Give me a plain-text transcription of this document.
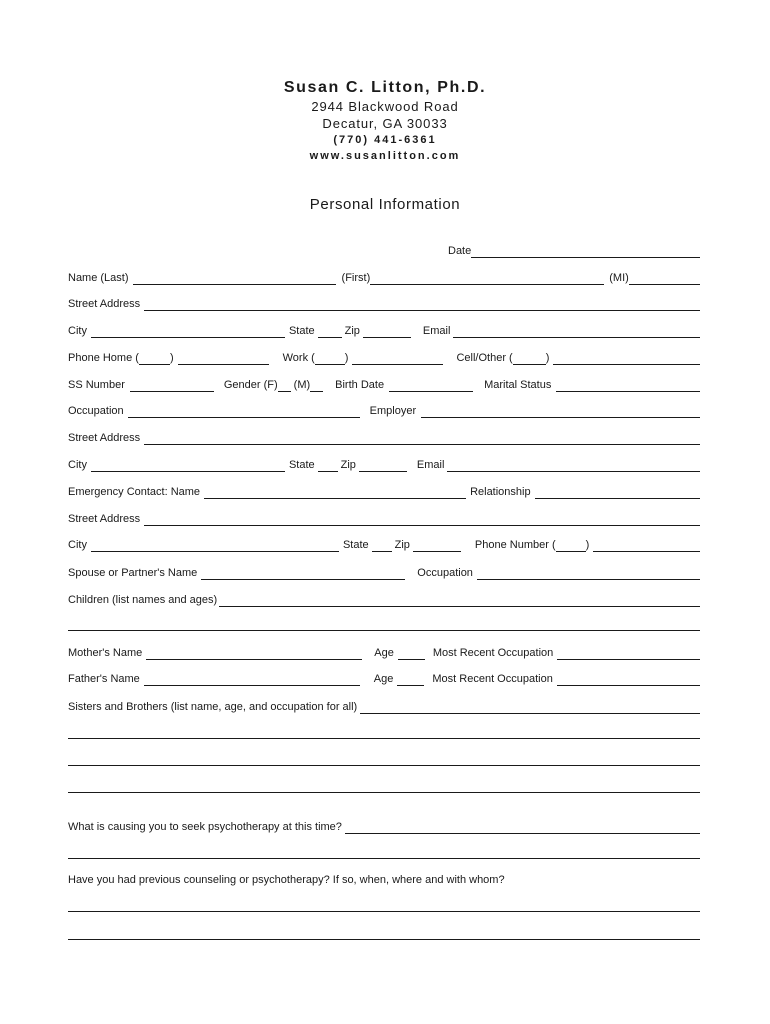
Susan C. Litton, Ph.D.
2944 Blackwood Road
Decatur, GA 30033
(770) 441-6361
www.susanlitton.com
Personal Information
Date
Name (Last)	(First)	(MI)
Street Address
City	State	Zip	Email
Phone Home (	)	Work (	)	Cell/Other (	)
SS Number	Gender (F) (M) Birth Date	Marital Status
Occupation	Employer
Street Address
City	State Zip	Email
Emergency Contact: Name	Relationship
Street Address
City	State Zip	Phone Number (	)
Spouse or Partner's Name	Occupation
Children (list names and ages)
Mother's Name	Age	Most Recent Occupation
Father's Name	Age	Most Recent Occupation
Sisters and Brothers (list name, age, and occupation for all)
What is causing you to seek psychotherapy at this time?
Have you had previous counseling or psychotherapy? If so, when, where and with whom?
